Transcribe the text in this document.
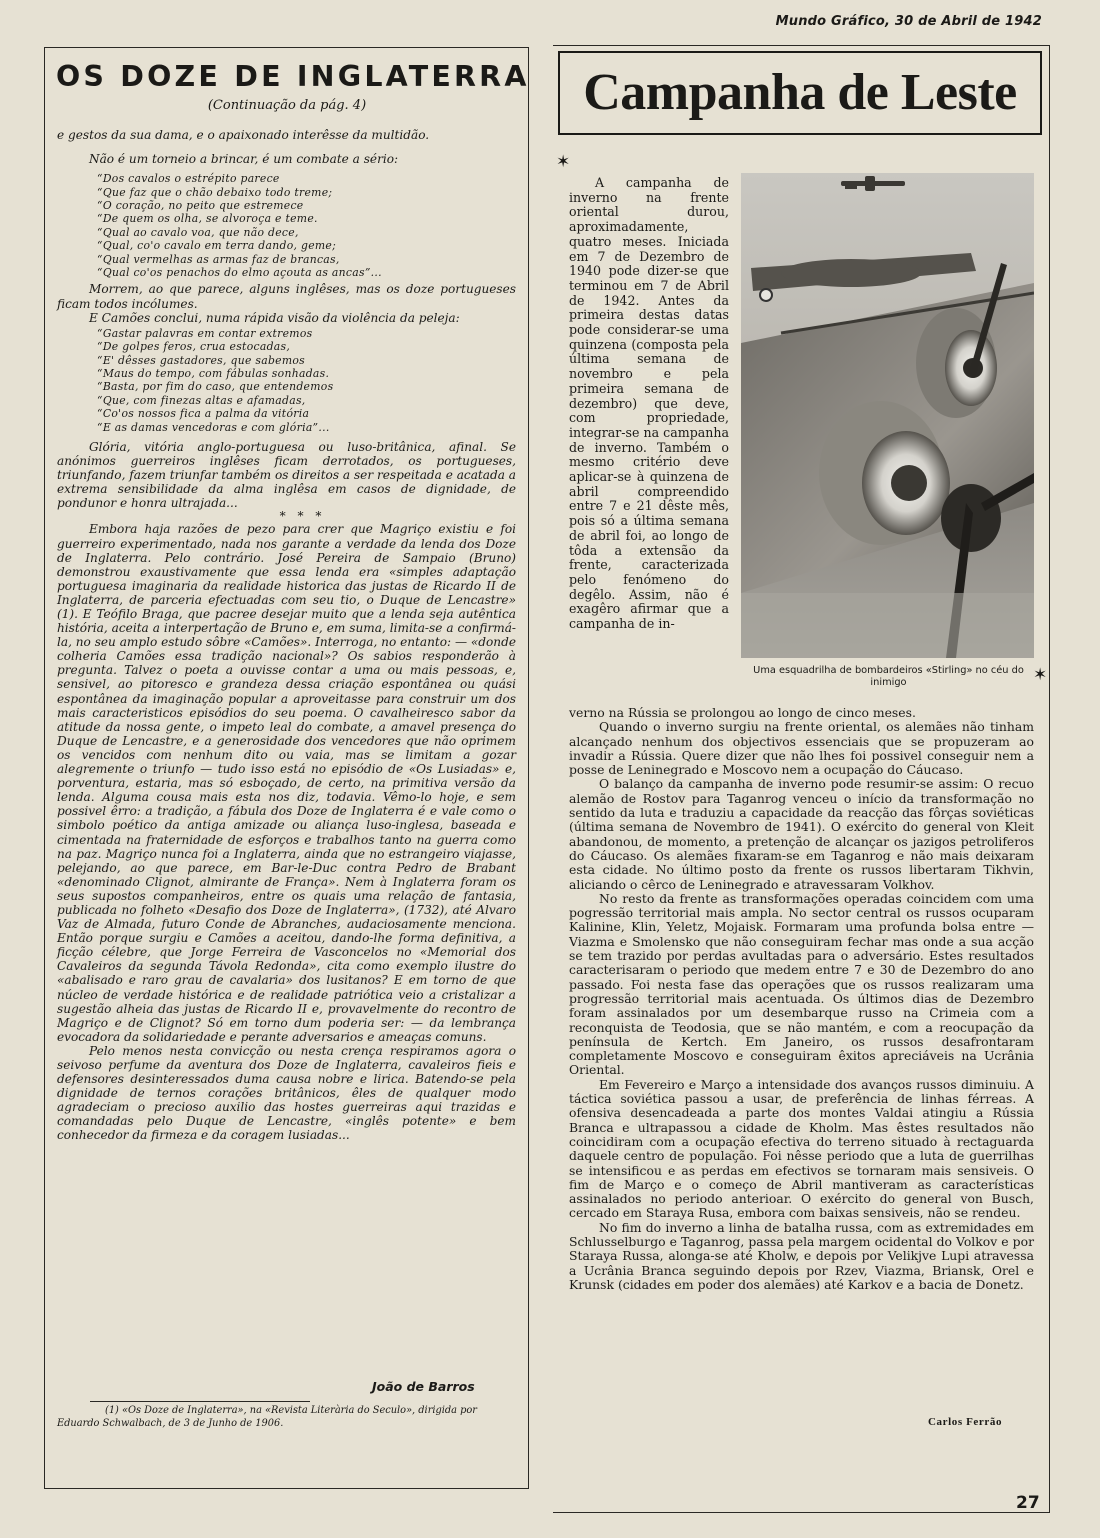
Mundo Gráfico, 30 de Abril de 1942
OS DOZE DE INGLATERRA
(Continuação da pág. 4)

e gestos da sua dama, e o apaixonado interêsse da multidão.

Não é um torneio a brincar, é um combate a sério:

“Dos cavalos o estrépito parece
“Que faz que o chão debaixo todo treme;
“O coração, no peito que estremece
“De quem os olha, se alvoroça e teme.
“Qual ao cavalo voa, que não dece,
“Qual, co'o cavalo em terra dando, geme;
“Qual vermelhas as armas faz de brancas,
“Qual co'os penachos do elmo açouta as ancas”...

Morrem, ao que parece, alguns inglêses, mas os doze portugueses ficam todos incólumes.

E Camões conclui, numa rápida visão da violência da peleja:

“Gastar palavras em contar extremos
“De golpes feros, crua estocadas,
“E' dêsses gastadores, que sabemos
“Maus do tempo, com fábulas sonhadas.
“Basta, por fim do caso, que entendemos
“Que, com finezas altas e afamadas,
“Co'os nossos fica a palma da vitória
“E as damas vencedoras e com glória”...

Glória, vitória anglo-portuguesa ou luso-britânica, afinal. Se anónimos guerreiros inglêses ficam derrotados, os portugueses, triunfando, fazem triunfar também os direitos a ser respeitada e acatada a extrema sensibilidade da alma inglêsa em casos de dignidade, de pondunor e honra ultrajada...

* * *

Embora haja razões de pezo para crer que Magriço existiu e foi guerreiro experimentado, nada nos garante a verdade da lenda dos Doze de Inglaterra. Pelo contrário. José Pereira de Sampaio (Bruno) demonstrou exaustivamente que essa lenda era «simples adaptação portuguesa imaginaria da realidade historica das justas de Ricardo II de Inglaterra, de parceria efectuadas com seu tio, o Duque de Lencastre» (1). E Teófilo Braga, que pacree desejar muito que a lenda seja autêntica história, aceita a interpertação de Bruno e, em suma, limita-se a confirmá-la, no seu amplo estudo sôbre «Camões». Interroga, no entanto: — «donde colheria Camões essa tradição nacional»? Os sabios responderão à pregunta. Talvez o poeta a ouvisse contar a uma ou mais pessoas, e, sensivel, ao pitoresco e grandeza dessa criação espontânea ou quási espontânea da imaginação popular a aproveitasse para construir um dos mais caracteristicos episódios do seu poema. O cavalheiresco sabor da atitude da nossa gente, o impeto leal do combate, a amavel presença do Duque de Lencastre, e a generosidade dos vencedores que não oprimem os vencidos com nenhum dito ou vaia, mas se limitam a gozar alegremente o triunfo — tudo isso está no episódio de «Os Lusiadas» e, porventura, estaria, mas só esboçado, de certo, na primitiva versão da lenda. Alguma cousa mais esta nos diz, todavia. Vêmo-lo hoje, e sem possivel êrro: a tradição, a fábula dos Doze de Inglaterra é e vale como o simbolo poético da antiga amizade ou aliança luso-inglesa, baseada e cimentada na fraternidade de esforços e trabalhos tanto na guerra como na paz. Magriço nunca foi a Inglaterra, ainda que no estrangeiro viajasse, pelejando, ao que parece, em Bar-le-Duc contra Pedro de Brabant «denominado Clignot, almirante de França». Nem à Inglaterra foram os seus supostos companheiros, entre os quais uma relação de fantasia, publicada no folheto «Desafio dos Doze de Inglaterra», (1732), até Alvaro Vaz de Almada, futuro Conde de Abranches, audaciosamente menciona. Então porque surgiu e Camões a aceitou, dando-lhe forma definitiva, a ficção célebre, que Jorge Ferreira de Vasconcelos no «Memorial dos Cavaleiros da segunda Távola Redonda», cita como exemplo ilustre do «abalisado e raro grau de cavalaria» dos lusitanos? E em torno de que núcleo de verdade histórica e de realidade patriótica veio a cristalizar a sugestão alheia das justas de Ricardo II e, provavelmente do recontro de Magriço e de Clignot? Só em torno dum poderia ser: — da lembrança evocadora da solidariedade e perante adversarios e ameaças comuns.

Pelo menos nesta convicção ou nesta crença respiramos agora o seivoso perfume da aventura dos Doze de Inglaterra, cavaleiros fieis e defensores desinteressados duma causa nobre e lirica. Batendo-se pela dignidade de ternos corações britânicos, êles de qualquer modo agradeciam o precioso auxilio das hostes guerreiras aqui trazidas e comandadas pelo Duque de Lencastre, «inglês potente» e bem conhecedor da firmeza e da coragem lusiadas...

João de Barros
(1) «Os Doze de Inglaterra», na «Revista Literària do Seculo», dirigida por Eduardo Schwalbach, de 3 de Junho de 1906.
Campanha de Leste
✶
Uma esquadrilha de bombardeiros «Stirling» no céu do inimigo	✶

A campanha de inverno na frente oriental durou, aproximadamente, quatro meses. Iniciada em 7 de Dezembro de 1940 pode dizer-se que terminou em 7 de Abril de 1942. Antes da primeira destas datas pode considerar-se uma quinzena (composta pela última semana de novembro e pela primeira semana de dezembro) que deve, com propriedade, integrar-se na campanha de inverno. Também o mesmo critério deve aplicar-se à quinzena de abril compreendido entre 7 e 21 dêste mês, pois só a última semana de abril foi, ao longo de tôda a extensão da frente, caracterizada pelo fenómeno do degêlo. Assim, não é exagêro afirmar que a campanha de in-

verno na Rússia se prolongou ao longo de cinco meses.

Quando o inverno surgiu na frente oriental, os alemães não tinham alcançado nenhum dos objectivos essenciais que se propuzeram ao invadir a Rússia. Quere dizer que não lhes foi possivel conseguir nem a posse de Leninegrado e Moscovo nem a ocupação do Cáucaso.

O balanço da campanha de inverno pode resumir-se assim: O recuo alemão de Rostov para Taganrog venceu o início da transformação no sentido da luta e traduziu a capacidade da reacção das fôrças soviéticas (última semana de Novembro de 1941). O exército do general von Kleit abandonou, de momento, a pretenção de alcançar os jazigos petroliferos do Cáucaso. Os alemães fixaram-se em Taganrog e não mais deixaram esta cidade. No último posto da frente os russos libertaram Tikhvin, aliciando o cêrco de Leninegrado e atravessaram Volkhov.

No resto da frente as transformações operadas coincidem com uma pogressão territorial mais ampla. No sector central os russos ocuparam Kalinine, Klin, Yeletz, Mojaisk. Formaram uma profunda bolsa entre — Viazma e Smolensko que não conseguiram fechar mas onde a sua acção se tem trazido por perdas avultadas para o adversário. Estes resultados caracterisaram o periodo que medem entre 7 e 30 de Dezembro do ano passado. Foi nesta fase das operações que os russos realizaram uma progressão territorial mais acentuada. Os últimos dias de Dezembro foram assinalados por um desembarque russo na Crimeia com a reconquista de Teodosia, que se não mantém, e com a reocupação da península de Kertch. Em Janeiro, os russos desafrontaram completamente Moscovo e conseguiram êxitos apreciáveis na Ucrânia Oriental.

Em Fevereiro e Março a intensidade dos avanços russos diminuiu. A táctica soviética passou a usar, de preferência de linhas férreas. A ofensiva desencadeada a parte dos montes Valdai atingiu a Rússia Branca e ultrapassou a cidade de Kholm. Mas êstes resultados não coincidiram com a ocupação efectiva do terreno situado à rectaguarda daquele centro de população. Foi nêsse periodo que a luta de guerrilhas se intensificou e as perdas em efectivos se tornaram mais sensiveis. O fim de Março e o começo de Abril mantiveram as características assinalados no periodo anterioar. O exército do general von Busch, cercado em Staraya Rusa, embora com baixas sensiveis, não se rendeu.

No fim do inverno a linha de batalha russa, com as extremidades em Schlusselburgo e Taganrog, passa pela margem ocidental do Volkov e por Staraya Russa, alonga-se até Kholw, e depois por Velikjve Lupi atravessa a Ucrânia Branca seguindo depois por Rzev, Viazma, Briansk, Orel e Krunsk (cidades em poder dos alemães) até Karkov e a bacia de Donetz.

Carlos Ferrão
27
